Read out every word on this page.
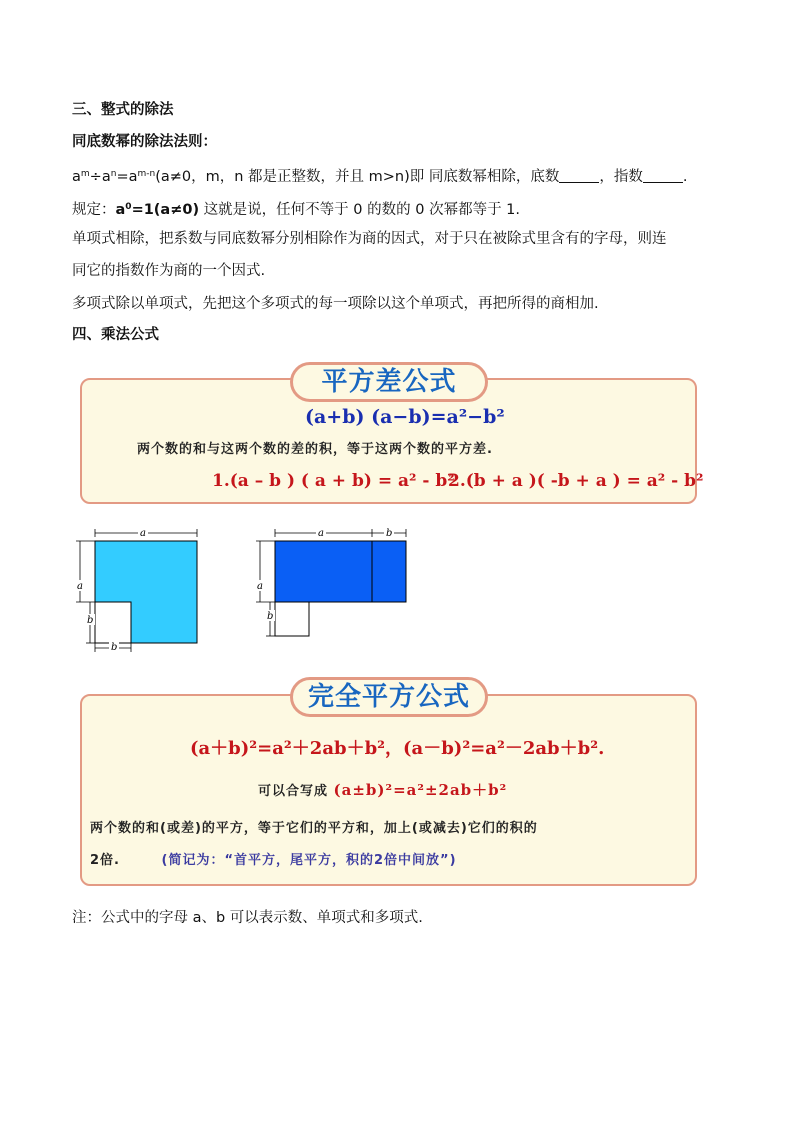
三、整式的除法
同底数幂的除法法则：
$a^m\div a^n=a^{m-n}(a\ne 0$，m，n 都是正整数，并且 m>n)即 同底数幂相除，底数	，指数	.
规定：$a^0=1(a\ne 0)$ 这就是说，任何不等于 0 的数的 0 次幂都等于 1.
单项式相除，把系数与同底数幂分别相除作为商的因式，对于只在被除式里含有的字母，则连
同它的指数作为商的一个因式.
多项式除以单项式，先把这个多项式的每一项除以这个单项式，再把所得的商相加.
四、乘法公式
平方差公式
(a+b) (a−b)=a²−b²
两个数的和与这两个数的差的积，等于这两个数的平方差.
1.(a – b ) ( a + b) = a² - b²
2.(b + a )( -b + a ) = a² - b²
a
a
b
b
a	b
a
b
完全平方公式
(a＋b)²=a²＋2ab＋b²，(a－b)²=a²－2ab＋b².
可以合写成 (a±b)²=a²±2ab＋b²
两个数的和(或差)的平方，等于它们的平方和，加上(或减去)它们的积的
2倍.	(简记为：“首平方，尾平方，积的2倍中间放”)
注：公式中的字母 a、b 可以表示数、单项式和多项式.
